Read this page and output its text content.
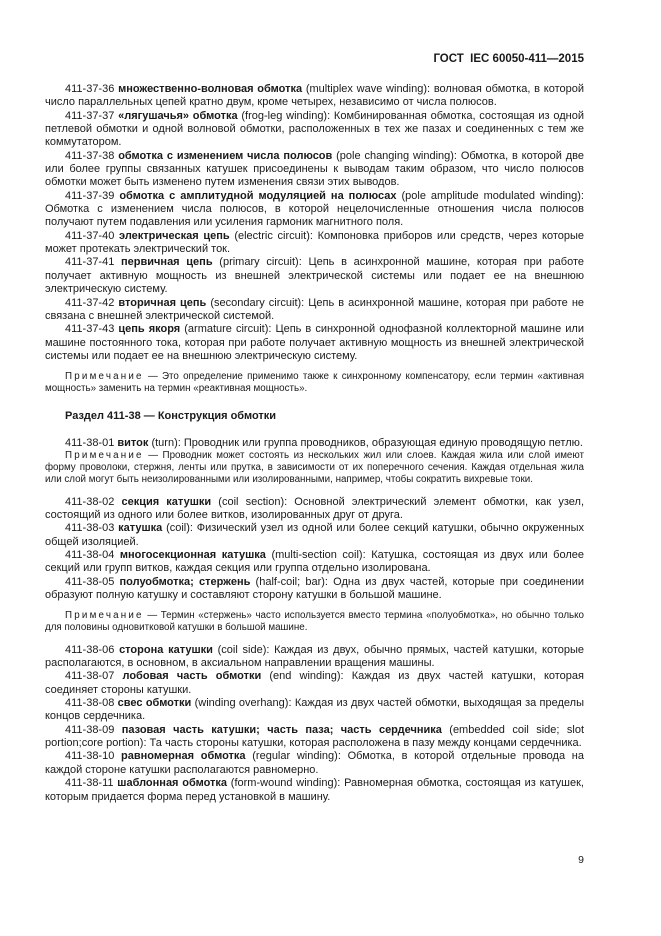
ГОСТ  IEC 60050-411—2015

411-37-36 множественно-волновая обмотка (multiplex wave winding): волновая обмотка, в которой число параллельных цепей кратно двум, кроме четырех, независимо от числа полюсов.

411-37-37 «лягушачья» обмотка (frog-leg winding): Комбинированная обмотка, состоящая из одной петлевой обмотки и одной волновой обмотки, расположенных в тех же пазах и соединенных с тем же коммутатором.

411-37-38 обмотка с изменением числа полюсов (pole changing winding): Обмотка, в которой две или более группы связанных катушек присоединены к выводам таким образом, что число полюсов обмотки может быть изменено путем изменения связи этих выводов.

411-37-39 обмотка с амплитудной модуляцией на полюсах (pole amplitude modulated winding): Обмотка с изменением числа полюсов, в которой нецелочисленные отношения числа полюсов получают путем подавления или усиления гармоник магнитного поля.

411-37-40 электрическая цепь (electric circuit): Компоновка приборов или средств, через которые может протекать электрический ток.

411-37-41 первичная цепь (primary circuit): Цепь в асинхронной машине, которая при работе получает активную мощность из внешней электрической системы или подает ее на внешнюю электрическую систему.

411-37-42 вторичная цепь (secondary circuit): Цепь в асинхронной машине, которая при работе не связана с внешней электрической системой.

411-37-43 цепь якоря (armature circuit): Цепь в синхронной однофазной коллекторной машине или машине постоянного тока, которая при работе получает активную мощность из внешней электрической системы или подает ее на внешнюю электрическую систему.

Примечание — Это определение применимо также к синхронному компенсатору, если термин «активная мощность» заменить на термин «реактивная мощность».

Раздел 411-38 — Конструкция обмотки

411-38-01 виток (turn): Проводник или группа проводников, образующая единую проводящую петлю.

Примечание — Проводник может состоять из нескольких жил или слоев. Каждая жила или слой имеют форму проволоки, стержня, ленты или прутка, в зависимости от их поперечного сечения. Каждая отдельная жила или слой могут быть неизолированными или изолированными, например, чтобы сократить вихревые токи.

411-38-02 секция катушки (coil section): Основной электрический элемент обмотки, как узел, состоящий из одного или более витков, изолированных друг от друга.

411-38-03 катушка (coil): Физический узел из одной или более секций катушки, обычно окруженных общей изоляцией.

411-38-04 многосекционная катушка (multi-section coil): Катушка, состоящая из двух или более секций или групп витков, каждая секция или группа отдельно изолирована.

411-38-05 полуобмотка; стержень (half-coil; bar): Одна из двух частей, которые при соединении образуют полную катушку и составляют сторону катушки в большой машине.

Примечание — Термин «стержень» часто используется вместо термина «полуобмотка», но обычно только для половины одновитковой катушки в большой машине.

411-38-06 сторона катушки (coil side): Каждая из двух, обычно прямых, частей катушки, которые располагаются, в основном, в аксиальном направлении вращения машины.

411-38-07 лобовая часть обмотки (end winding): Каждая из двух частей катушки, которая соединяет стороны катушки.

411-38-08 свес обмотки (winding overhang): Каждая из двух частей обмотки, выходящая за пределы концов сердечника.

411-38-09 пазовая часть катушки; часть паза; часть сердечника (embedded coil side; slot portion;core portion): Та часть стороны катушки, которая расположена в пазу между концами сердечника.

411-38-10 равномерная обмотка (regular winding): Обмотка, в которой отдельные провода на каждой стороне катушки располагаются равномерно.

411-38-11 шаблонная обмотка (form-wound winding): Равномерная обмотка, состоящая из катушек, которым придается форма перед установкой в машину.

9
